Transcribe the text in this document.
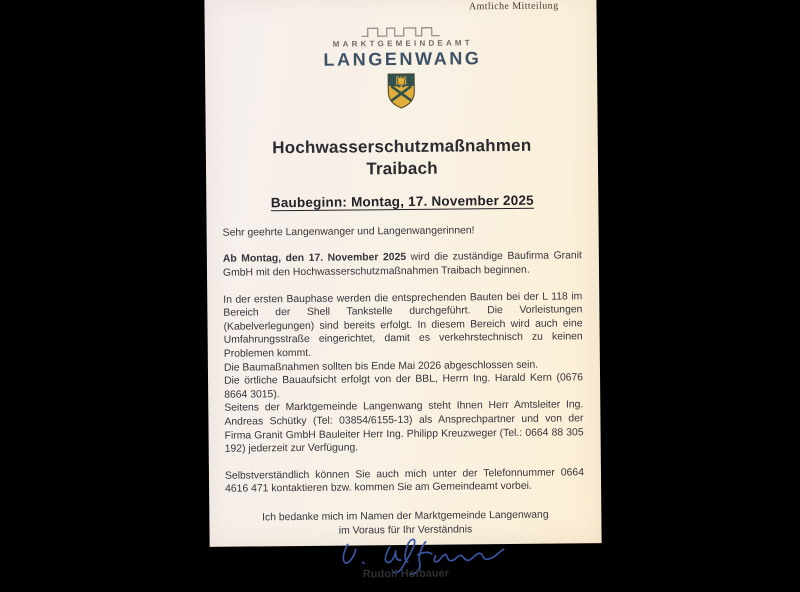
Amtliche Mitteilung
MARKTGEMEINDEAMT
LANGENWANG
Hochwasserschutzmaßnahmen
Traibach
Baubeginn: Montag, 17. November 2025

Sehr geehrte Langenwanger und Langenwangerinnen!

Ab Montag, den 17. November 2025 wird die zuständige Baufirma Granit GmbH mit den Hochwasserschutzmaßnahmen Traibach beginnen.

In der ersten Bauphase werden die entsprechenden Bauten bei der L 118 im Bereich der Shell Tankstelle durchgeführt. Die Vorleistungen (Kabelverlegungen) sind bereits erfolgt. In diesem Bereich wird auch eine Umfahrungsstraße eingerichtet, damit es verkehrstechnisch zu keinen Problemen kommt.

Die Baumaßnahmen sollten bis Ende Mai 2026 abgeschlossen sein.

Die örtliche Bauaufsicht erfolgt von der BBL, Herrn Ing. Harald Kern (0676 8664 3015).

Seitens der Marktgemeinde Langenwang steht Ihnen Herr Amtsleiter Ing. Andreas Schütky (Tel: 03854/6155-13) als Ansprechpartner und von der Firma Granit GmbH Bauleiter Herr Ing. Philipp Kreuzweger (Tel.: 0664 88 305 192) jederzeit zur Verfügung.

Selbstverständlich können Sie auch mich unter der Telefonnummer 0664 4616 471 kontaktieren bzw. kommen Sie am Gemeindeamt vorbei.

Ich bedanke mich im Namen der Marktgemeinde Langenwang
im Voraus für Ihr Verständnis
Rudolf Hofbauer
